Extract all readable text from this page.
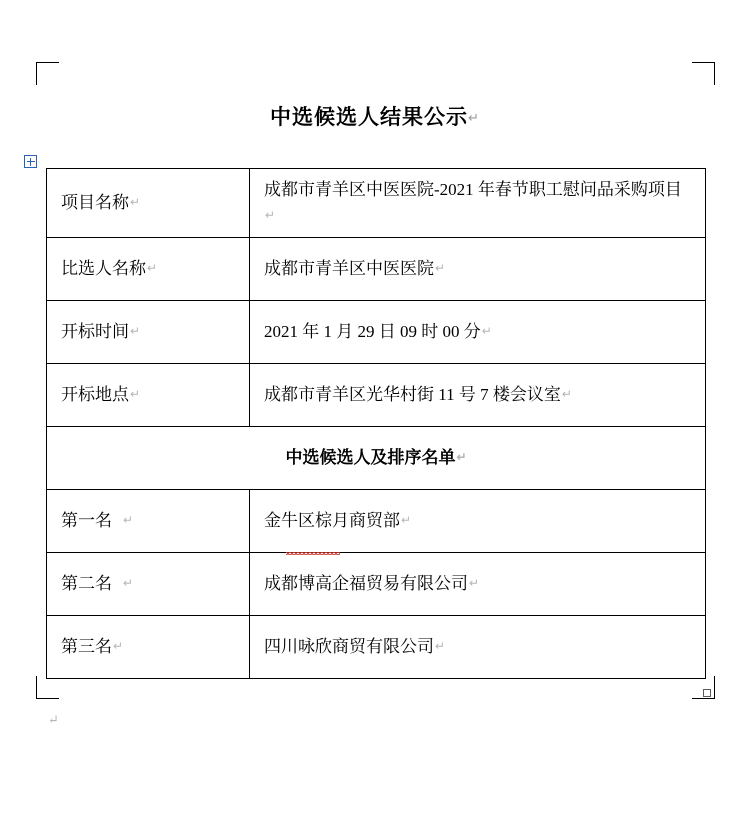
中选候选人结果公示↵
项目名称↵	成都市青羊区中医医院-2021 年春节职工慰问品采购项目↵
比选人名称↵	成都市青羊区中医医院↵
开标时间↵	2021 年 1 月 29 日 09 时 00 分↵
开标地点↵	成都市青羊区光华村街 11 号 7 楼会议室↵
中选候选人及排序名单↵	
第一名 ↵	金牛区棕月商贸部↵
第二名 ↵	成都博高企福贸易有限公司↵
第三名↵	四川咏欣商贸有限公司↵
↵
